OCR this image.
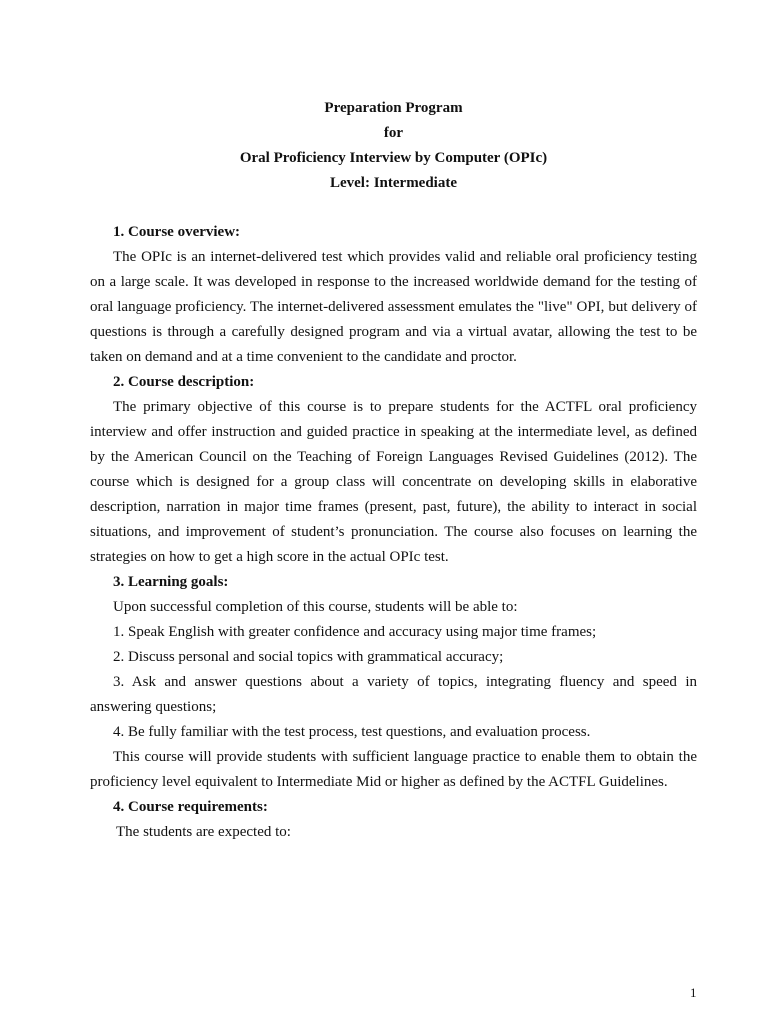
Preparation Program

for

Oral Proficiency Interview by Computer (OPIc)

Level: Intermediate

1. Course overview:

The OPIc is an internet-delivered test which provides valid and reliable oral proficiency testing on a large scale. It was developed in response to the increased worldwide demand for the testing of oral language proficiency. The internet-delivered assessment emulates the "live" OPI, but delivery of questions is through a carefully designed program and via a virtual avatar, allowing the test to be taken on demand and at a time convenient to the candidate and proctor.

2. Course description:

The primary objective of this course is to prepare students for the ACTFL oral proficiency interview and offer instruction and guided practice in speaking at the intermediate level, as defined by the American Council on the Teaching of Foreign Languages Revised Guidelines (2012). The course which is designed for a group class will concentrate on developing skills in elaborative description, narration in major time frames (present, past, future), the ability to interact in social situations, and improvement of student’s pronunciation. The course also focuses on learning the strategies on how to get a high score in the actual OPIc test.

3. Learning goals:

Upon successful completion of this course, students will be able to:

1. Speak English with greater confidence and accuracy using major time frames;

2. Discuss personal and social topics with grammatical accuracy;

3. Ask and answer questions about a variety of topics, integrating fluency and speed in answering questions;

4. Be fully familiar with the test process, test questions, and evaluation process.

This course will provide students with sufficient language practice to enable them to obtain the proficiency level equivalent to Intermediate Mid or higher as defined by the ACTFL Guidelines.

4. Course requirements:

The students are expected to:

1
